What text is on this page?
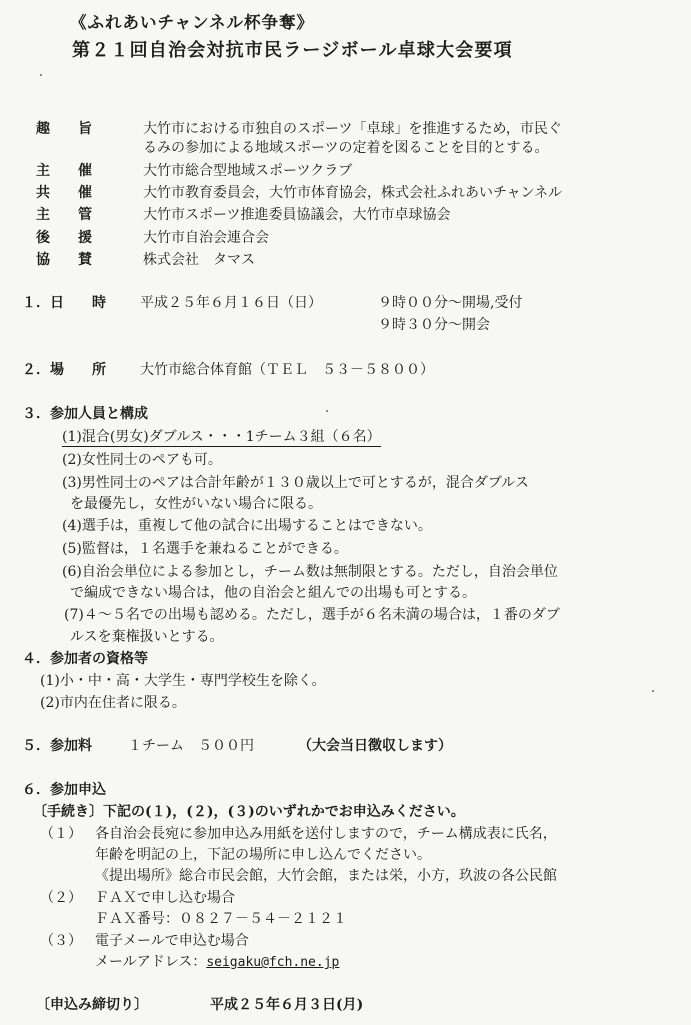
《ふれあいチャンネル杯争奪》
第２１回自治会対抗市民ラージボール卓球大会要項
趣　　旨	大竹市における市独自のスポーツ「卓球」を推進するため，市民ぐ
るみの参加による地域スポーツの定着を図ることを目的とする。
主　　催	大竹市総合型地域スポーツクラブ
共　　催	大竹市教育委員会，大竹市体育協会，株式会社ふれあいチャンネル
主　　管	大竹市スポーツ推進委員協議会，大竹市卓球協会
後　　援	大竹市自治会連合会
協　　賛	株式会社　タマス
１．日　　時 平成２５年６月１６日（日）	９時００分～開場,受付
９時３０分～開会
２．場　　所 大竹市総合体育館（ＴＥＬ　５３－５８００）
３．参加人員と構成
(1)混合(男女)ダブルス・・・1チーム３組（６名）
(2)女性同士のペアも可。
(3)男性同士のペアは合計年齢が１３０歳以上で可とするが，混合ダブルス
を最優先し，女性がいない場合に限る。
(4)選手は，重複して他の試合に出場することはできない。
(5)監督は，１名選手を兼ねることができる。
(6)自治会単位による参加とし，チーム数は無制限とする。ただし，自治会単位
で編成できない場合は，他の自治会と組んでの出場も可とする。
(7)４～５名での出場も認める。ただし，選手が６名未満の場合は，１番のダブ
ルスを棄権扱いとする。
４．参加者の資格等
(1)小・中・高・大学生・専門学校生を除く。
(2)市内在住者に限る。
５．参加料	１チーム　５００円	（大会当日徴収します）
６．参加申込
〔手続き〕下記の(１)，(２)，(３)のいずれかでお申込みください。
（１） 各自治会長宛に参加申込み用紙を送付しますので，チーム構成表に氏名，
年齢を明記の上，下記の場所に申し込んでください。
《提出場所》総合市民会館，大竹会館，または栄，小方，玖波の各公民館
（２） ＦＡＸで申し込む場合
ＦＡＸ番号：０８２７－５４－２１２１
（３） 電子メールで申込む場合
メールアドレス：seigaku@fch.ne.jp
〔申込み締切り〕	平成２５年６月３日(月)
